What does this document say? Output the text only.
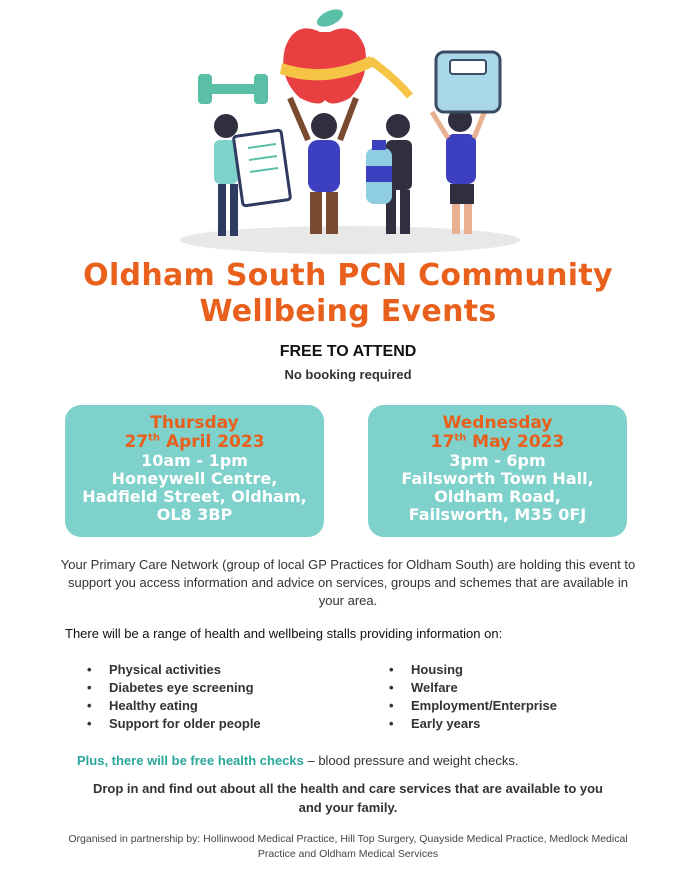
Oldham South PCN Community Wellbeing Events
FREE TO ATTEND
No booking required
Thursday
27th April 2023
10am - 1pm
Honeywell Centre,
Hadfield Street, Oldham,
OL8 3BP
Wednesday
17th May 2023
3pm - 6pm
Failsworth Town Hall,
Oldham Road,
Failsworth, M35 0FJ
Your Primary Care Network (group of local GP Practices for Oldham South) are holding this event to support you access information and advice on services, groups and schemes that are available in your area.
There will be a range of health and wellbeing stalls providing information on:
• Physical activities
• Diabetes eye screening
• Healthy eating
• Support for older people
• Housing
• Welfare
• Employment/Enterprise
• Early years
Plus, there will be free health checks – blood pressure and weight checks.
Drop in and find out about all the health and care services that are available to you and your family.
Organised in partnership by: Hollinwood Medical Practice, Hill Top Surgery, Quayside Medical Practice, Medlock Medical Practice and Oldham Medical Services
